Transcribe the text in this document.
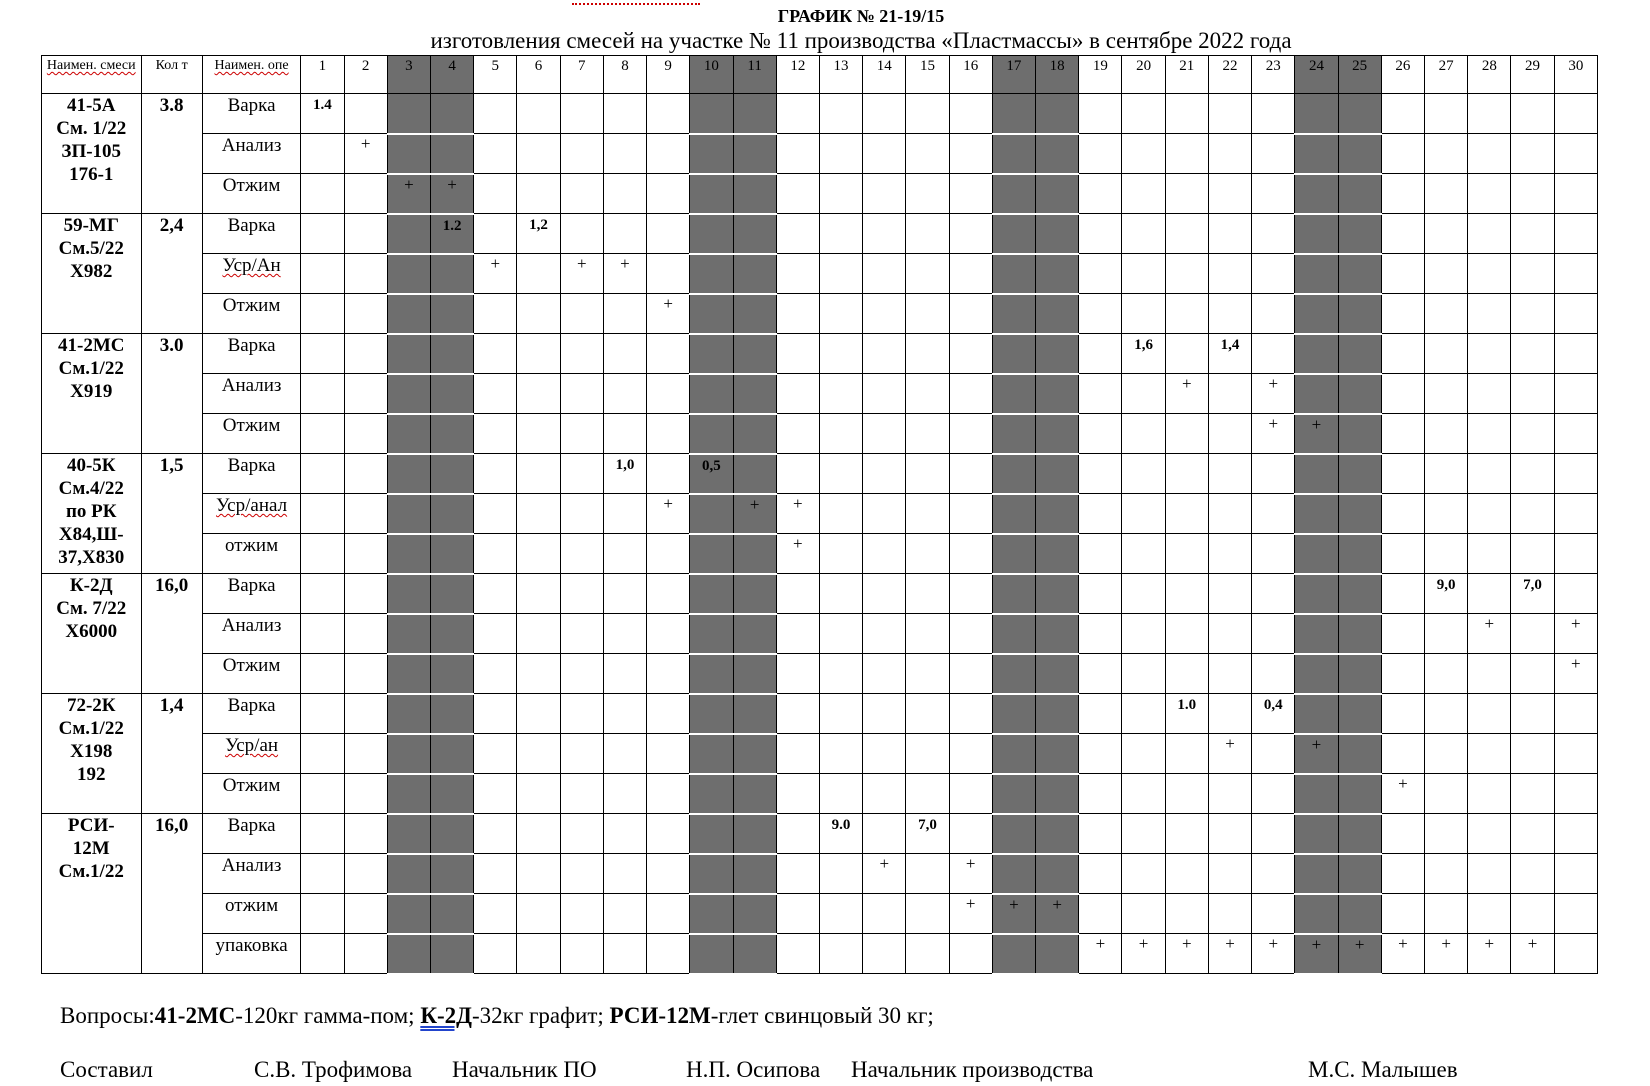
ГРАФИК № 21-19/15
изготовления смесей на участке № 11 производства «Пластмассы» в сентябре 2022 года
Наимен. смеси	Кол т	Наимен. опе	1	2	3	4	5	6	7	8	9	10	11	12	13	14	15	16	17	18	19	20	21	22	23	24	25	26	27	28	29	30

41-5А
См. 1/22
ЗП-105
176-1	3.8	Варка	1.4																													
		Анализ		+																												
		Отжим			+	+																										

59-МГ
См.5/22
Х982	2,4	Варка				1.2		1,2																								
		Уср/Ан					+		+	+																						
		Отжим									+																					

41-2МС
См.1/22
Х919	3.0	Варка																				1,6		1,4								
		Анализ																					+		+							
		Отжим																							+	+						

40-5К
См.4/22
по РК
Х84,Ш-
37,Х830	1,5	Варка								1,0		0,5																				
		Уср/анал									+		+	+																		
		отжим												+																		

К-2Д
См. 7/22
Х6000	16,0	Варка																											9,0		7,0	
		Анализ																												+		+
		Отжим																														+

72-2К
См.1/22
Х198
192	1,4	Варка																					1.0		0,4							
		Уср/ан																						+		+						
		Отжим																										+				

РСИ-
12М
См.1/22	16,0	Варка													9.0		7,0															
		Анализ														+		+														
		отжим																+	+	+												
		упаковка																			+	+	+	+	+	+	+	+	+	+	+	
Вопросы:41-2МС-120кг гамма-пом; К-2Д-32кг графит; РСИ-12М-глет свинцовый 30 кг;
Составил	С.В. Трофимова Начальник ПО	Н.П. Осипова Начальник производства	М.С. Малышев
